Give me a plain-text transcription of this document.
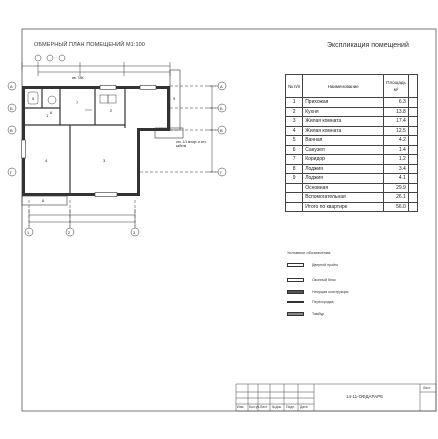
ОБМЕРНЫЙ ПЛАН ПОМЕЩЕНИЙ М1:100
А
Б
В
Г
А
Б
В
Г
1	2	3
1
2
3
4
5
6
7
8
9
кв. 78К
сеч. 1/1 мощн. и сеч. кабеля
Экспликация помещений
№ п/п	Наименование	Площадь м²	
1	Прихожая	6.3	
2	Кухня	13.8	
3	Жилая комната	17.4	
4	Жилая комната	12.5	
5	Ванная	4.2	
6	Санузел	1.4	
7	Коридор	1.2	
8	Лоджия	3.4	
9	Лоджия	4.1	
	Основная	29.9	
	Вспомогательная	26.1	
	Итого по квартире	56.0	
Условные обозначения:
Дверной проём
Оконный блок
Несущая конструкция
Перегородка
Тамбур
14-11-ОФДАРАРЕ
Изм. Кол.уч. Лист №док. Подп. Дата
Лист
